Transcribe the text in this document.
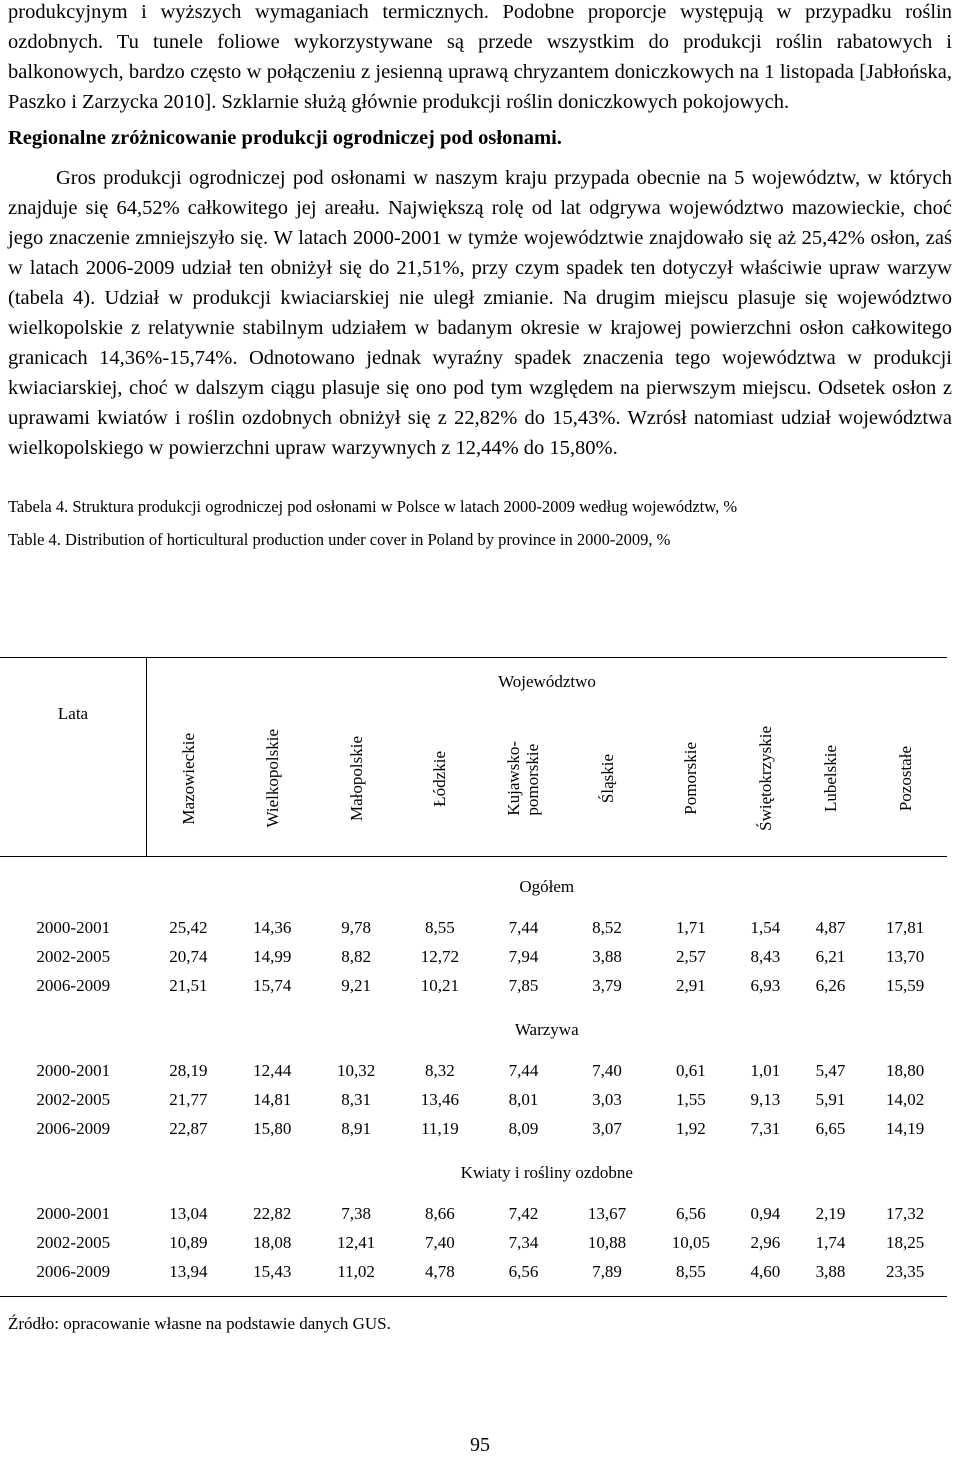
produkcyjnym i wyższych wymaganiach termicznych. Podobne proporcje występują w przypadku roślin ozdobnych. Tu tunele foliowe wykorzystywane są przede wszystkim do produkcji roślin rabatowych i balkonowych, bardzo często w połączeniu z jesienną uprawą chryzantem doniczkowych na 1 listopada [Jabłońska, Paszko i Zarzycka 2010]. Szklarnie służą głównie produkcji roślin doniczkowych pokojowych.

Regionalne zróżnicowanie produkcji ogrodniczej pod osłonami.

Gros produkcji ogrodniczej pod osłonami w naszym kraju przypada obecnie na 5 województw, w których znajduje się 64,52% całkowitego jej areału. Największą rolę od lat odgrywa województwo mazowieckie, choć jego znaczenie zmniejszyło się. W latach 2000-2001 w tymże województwie znajdowało się aż 25,42% osłon, zaś w latach 2006-2009 udział ten obniżył się do 21,51%, przy czym spadek ten dotyczył właściwie upraw warzyw (tabela 4). Udział w produkcji kwiaciarskiej nie uległ zmianie. Na drugim miejscu plasuje się województwo wielkopolskie z relatywnie stabilnym udziałem w badanym okresie w krajowej powierzchni osłon całkowitego granicach 14,36%-15,74%. Odnotowano jednak wyraźny spadek znaczenia tego województwa w produkcji kwiaciarskiej, choć w dalszym ciągu plasuje się ono pod tym względem na pierwszym miejscu. Odsetek osłon z uprawami kwiatów i roślin ozdobnych obniżył się z 22,82% do 15,43%. Wzrósł natomiast udział województwa wielkopolskiego w powierzchni upraw warzywnych z 12,44% do 15,80%.

Tabela 4. Struktura produkcji ogrodniczej pod osłonami w Polsce w latach 2000-2009 według województw, %
Table 4. Distribution of horticultural production under cover in Poland by province in 2000-2009, %
Lata	Województwo									
	Mazowieckie	Wielkopolskie	Małopolskie	Łódzkie	Kujawsko-
pomorskie	Śląskie	Pomorskie	Świętokrzyskie	Lubelskie	Pozostałe
	Ogółem									
2000-2001	25,42	14,36	9,78	8,55	7,44	8,52	1,71	1,54	4,87	17,81
2002-2005	20,74	14,99	8,82	12,72	7,94	3,88	2,57	8,43	6,21	13,70
2006-2009	21,51	15,74	9,21	10,21	7,85	3,79	2,91	6,93	6,26	15,59
	Warzywa									
2000-2001	28,19	12,44	10,32	8,32	7,44	7,40	0,61	1,01	5,47	18,80
2002-2005	21,77	14,81	8,31	13,46	8,01	3,03	1,55	9,13	5,91	14,02
2006-2009	22,87	15,80	8,91	11,19	8,09	3,07	1,92	7,31	6,65	14,19
	Kwiaty i rośliny ozdobne									
2000-2001	13,04	22,82	7,38	8,66	7,42	13,67	6,56	0,94	2,19	17,32
2002-2005	10,89	18,08	12,41	7,40	7,34	10,88	10,05	2,96	1,74	18,25
2006-2009	13,94	15,43	11,02	4,78	6,56	7,89	8,55	4,60	3,88	23,35
Źródło: opracowanie własne na podstawie danych GUS.
95
